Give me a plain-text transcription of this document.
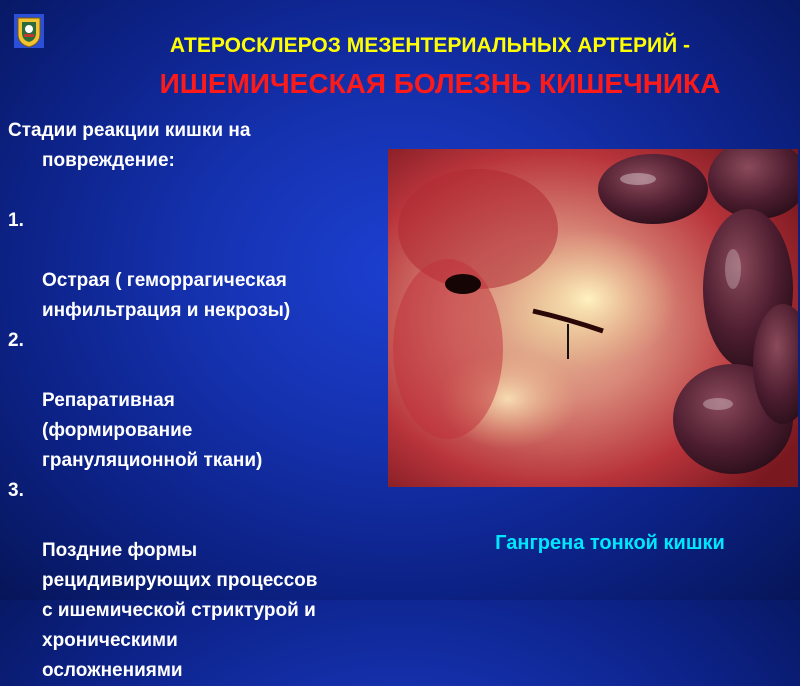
АТЕРОСКЛЕРОЗ МЕЗЕНТЕРИАЛЬНЫХ АРТЕРИЙ -
ИШЕМИЧЕСКАЯ БОЛЕЗНЬ КИШЕЧНИКА
Стадии реакции кишки на
повреждение:

1.

Острая ( геморрагическая
инфильтрация и некрозы)

2.

Репаративная
(формирование
грануляционной ткани)

3.

Поздние формы
рецидивирующих процессов
с ишемической стриктурой и
хроническими
осложнениями

Гангрена тонкой кишки
